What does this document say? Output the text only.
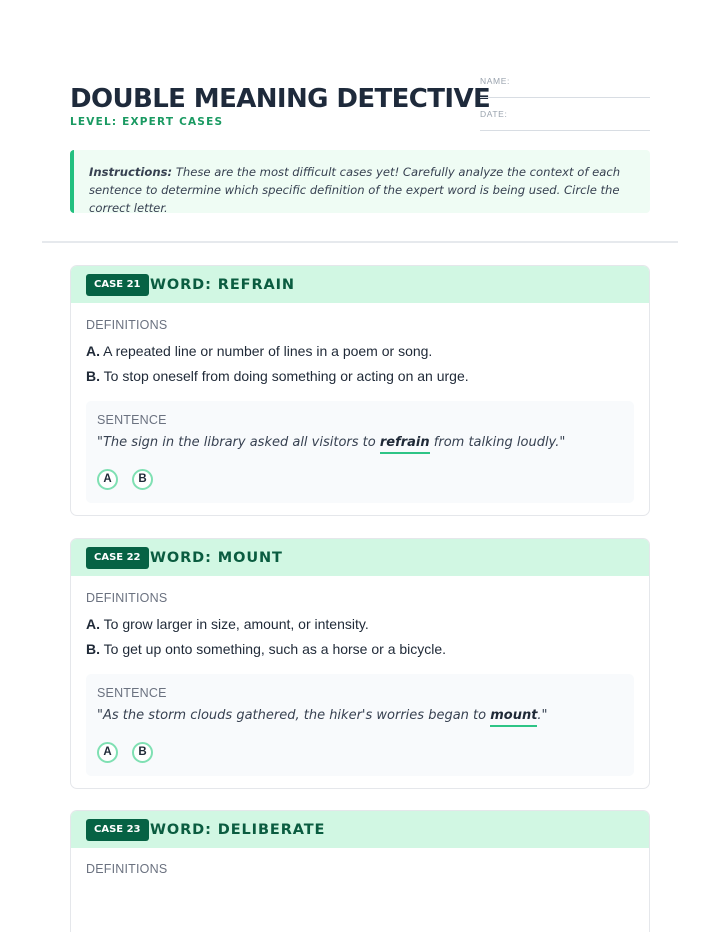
DOUBLE MEANING DETECTIVE
LEVEL: EXPERT CASES
NAME:
DATE:

Instructions: These are the most difficult cases yet! Carefully analyze the context of each sentence to determine which specific definition of the expert word is being used. Circle the correct letter.

CASE 21 WORD: REFRAIN
DEFINITIONS
A. A repeated line or number of lines in a poem or song.
B. To stop oneself from doing something or acting on an urge.
SENTENCE
"The sign in the library asked all visitors to refrain from talking loudly."
A	B
CASE 22 WORD: MOUNT
DEFINITIONS
A. To grow larger in size, amount, or intensity.
B. To get up onto something, such as a horse or a bicycle.
SENTENCE
"As the storm clouds gathered, the hiker's worries began to mount."
A	B
CASE 23 WORD: DELIBERATE
DEFINITIONS
